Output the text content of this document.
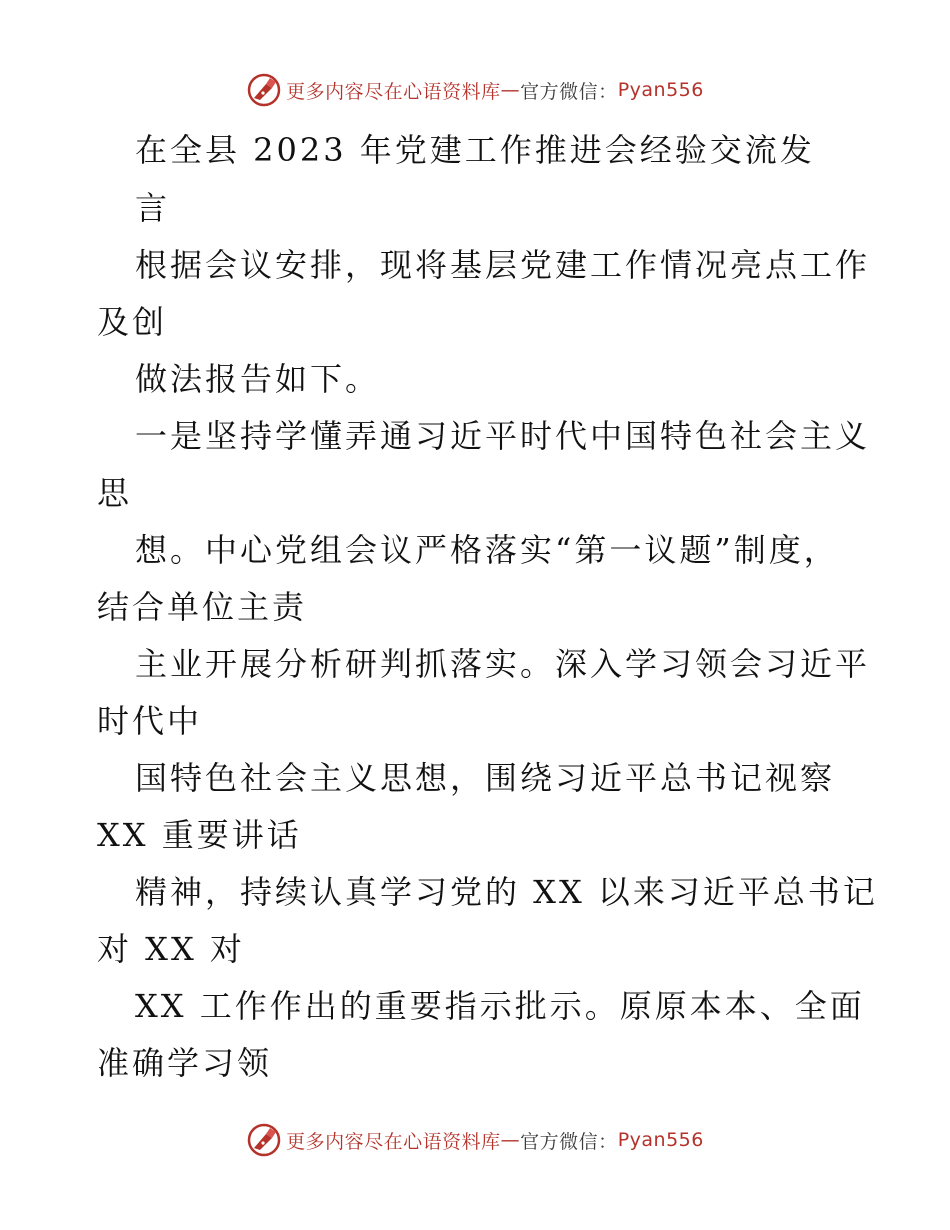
更多内容尽在心语资料库 — 官方微信： Pyan556
在全县 2023 年党建工作推进会经验交流发
言
根据会议安排，现将基层党建工作情况亮点工作
及创
做法报告如下。
一是坚持学懂弄通习近平时代中国特色社会主义
思
想。中心党组会议严格落实“第一议题”制度，
结合单位主责
主业开展分析研判抓落实。深入学习领会习近平
时代中
国特色社会主义思想，围绕习近平总书记视察
XX 重要讲话
精神，持续认真学习党的 XX 以来习近平总书记
对 XX 对
XX 工作作出的重要指示批示。原原本本、全面
准确学习领
更多内容尽在心语资料库 — 官方微信： Pyan556
